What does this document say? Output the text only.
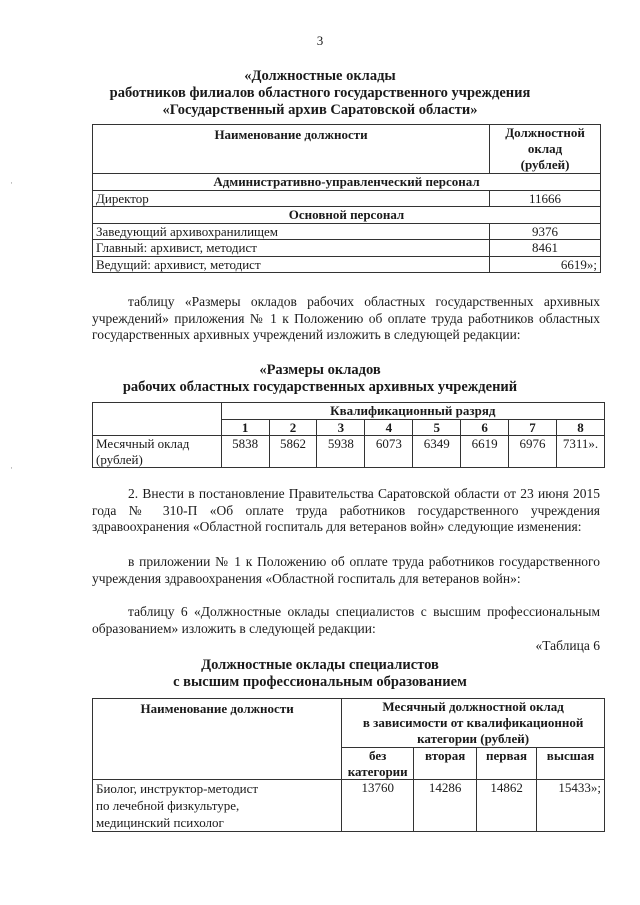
3
«Должностные оклады
работников филиалов областного государственного учреждения
«Государственный архив Саратовской области»
Наименование должности	Должностной
оклад
(рублей)

Административно-управленческий персонал	
Директор	11666
Основной персонал	
Заведующий архивохранилищем	9376
Главный: архивист, методист	8461
Ведущий: архивист, методист	6619»;
таблицу «Размеры окладов рабочих областных государственных архивных учреждений» приложения № 1 к Положению об оплате труда работников областных государственных архивных учреждений изложить в следующей редакции:
«Размеры окладов
рабочих областных государственных архивных учреждений
	Квалификационный разряд							
	1	2	3	4	5	6	7	8

Месячный оклад
(рублей)	5838	5862	5938	6073	6349	6619	6976	7311».
2. Внести в постановление Правительства Саратовской области от 23 июня 2015 года № 310-П «Об оплате труда работников государственного учреждения здравоохранения «Областной госпиталь для ветеранов войн» следующие изменения:
в приложении № 1 к Положению об оплате труда работников государственного учреждения здравоохранения «Областной госпиталь для ветеранов войн»:
таблицу 6 «Должностные оклады специалистов с высшим профессиональным образованием» изложить в следующей редакции:
«Таблица 6
Должностные оклады специалистов
с высшим профессиональным образованием
Наименование должности	Месячный должностной оклад
в зависимости от квалификационной
категории (рублей)			

	без
категории	вторая	первая	высшая

Биолог, инструктор-методист
по лечебной физкультуре,
медицинский психолог	13760	14286	14862	15433»;
·
·
